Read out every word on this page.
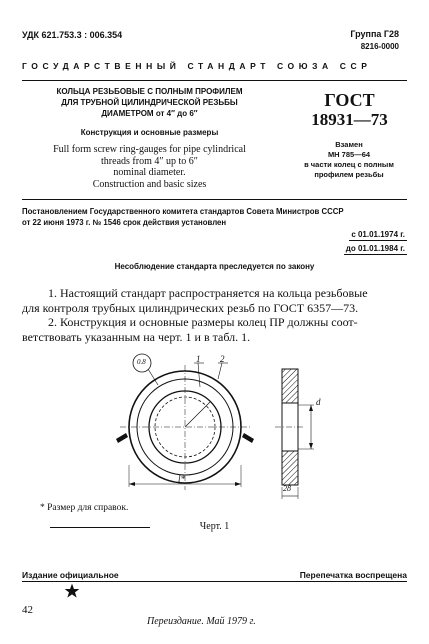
УДК 621.753.3 : 006.354	Группа Г28
8216-0000
ГОСУДАРСТВЕННЫЙ СТАНДАРТ СОЮЗА ССР
КОЛЬЦА РЕЗЬБОВЫЕ С ПОЛНЫМ ПРОФИЛЕМ
ДЛЯ ТРУБНОЙ ЦИЛИНДРИЧЕСКОЙ РЕЗЬБЫ
ДИАМЕТРОМ от 4″ до 6″
Конструкция и основные размеры
Full form screw ring-gauges for pipe cylindrical
threads from 4″ up to 6″
nominal diameter.
Construction and basic sizes
ГОСТ
18931—73
Взамен
МН 785—64
в части колец с полным
профилем резьбы
Постановлением Государственного комитета стандартов Совета Министров СССР
от 22 июня 1973 г. № 1546 срок действия установлен
с 01.01.1974 г.
до 01.01.1984 г.
Несоблюдение стандарта преследуется по закону
1. Настоящий стандарт распространяется на кольца резьбовые
для контроля трубных цилиндрических резьб по ГОСТ 6357—73.
2. Конструкция и основные размеры колец ПР должны соот-
ветствовать указанным на черт. 1 и в табл. 1.
0.8	1 2
d
l*
28
* Размер для справок.
Черт. 1
Издание официальное	Перепечатка воспрещена
42
Переиздание. Май 1979 г.
